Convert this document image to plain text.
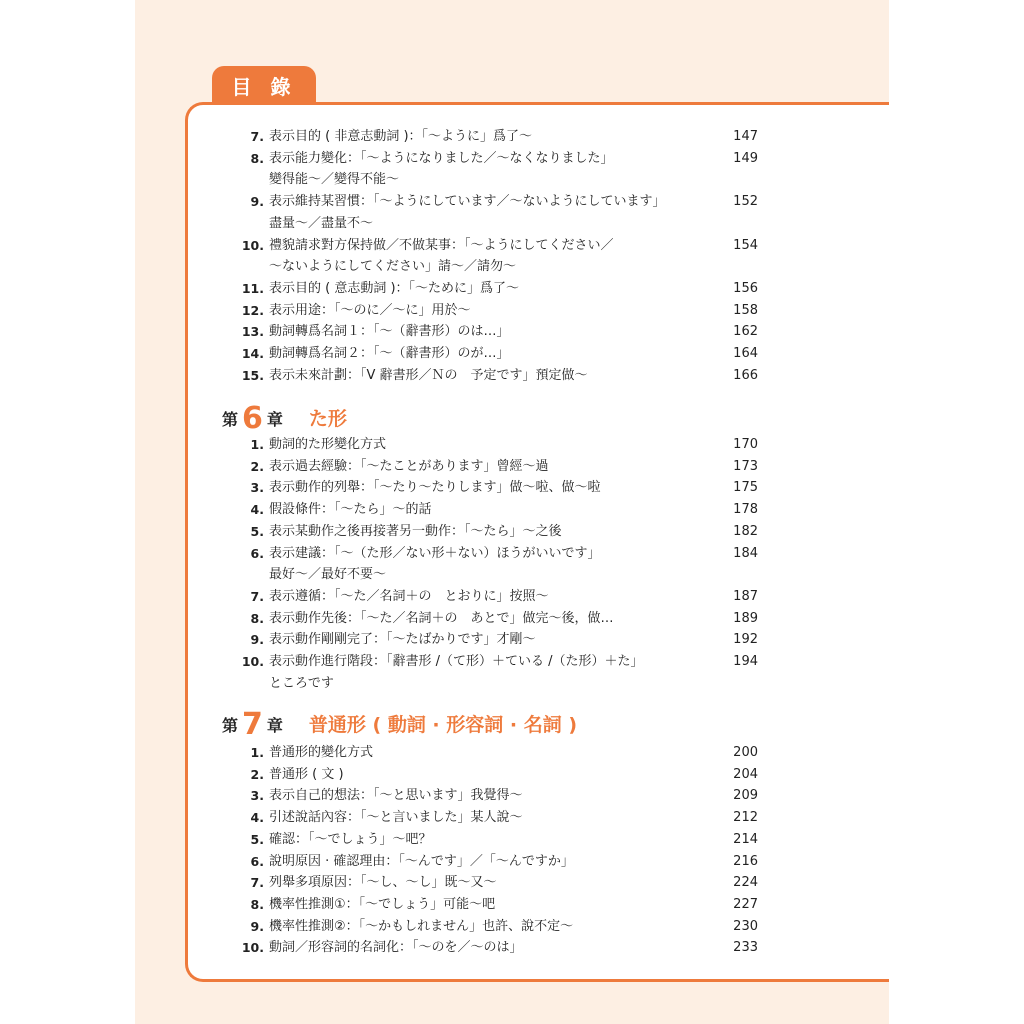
目 錄
7. 表示目的 ( 非意志動詞 )：「～ように」爲了～	147
8. 表示能力變化：「～ようになりました／～なくなりました」	149
變得能～／變得不能～
9. 表示維持某習慣：「～ようにしています／～ないようにしています」	152
盡量～／盡量不～
10. 禮貌請求對方保持做／不做某事：「～ようにしてください／	154
～ないようにしてください」請～／請勿～
11. 表示目的 ( 意志動詞 )：「～ために」爲了～	156
12. 表示用途：「～のに／～に」用於～	158
13. 動詞轉爲名詞１：「～（辭書形）のは…」	162
14. 動詞轉爲名詞２：「～（辭書形）のが…」	164
15. 表示未來計劃：「V 辭書形／Ｎの　予定です」預定做～	166
1. 動詞的た形變化方式	170
2. 表示過去經驗：「～たことがあります」曾經～過	173
3. 表示動作的列舉：「～たり～たりします」做～啦、做～啦	175
4. 假設條件：「～たら」～的話	178
5. 表示某動作之後再接著另一動作：「～たら」～之後	182
6. 表示建議：「～（た形／ない形＋ない）ほうがいいです」	184
最好～／最好不要～
7. 表示遵循：「～た／名詞＋の　とおりに」按照～	187
8. 表示動作先後：「～た／名詞＋の　あとで」做完～後，做…	189
9. 表示動作剛剛完了：「～たばかりです」才剛～	192
10. 表示動作進行階段：「辭書形 /（て形）＋ている /（た形）＋た」	194
ところです
1. 普通形的變化方式	200
2. 普通形 ( 文 )	204
3. 表示自己的想法：「～と思います」我覺得～	209
4. 引述說話內容：「～と言いました」某人說～	212
5. 確認：「～でしょう」～吧？	214
6. 說明原因 · 確認理由：「～んです」／「～んですか」	216
7. 列舉多項原因：「～し、～し」既～又～	224
8. 機率性推測①：「～でしょう」可能～吧	227
9. 機率性推測②：「～かもしれません」也許、說不定～	230
10. 動詞／形容詞的名詞化：「～のを／～のは」	233
第 6 章 た形
第 7 章 普通形 ( 動詞 · 形容詞 · 名詞 )
